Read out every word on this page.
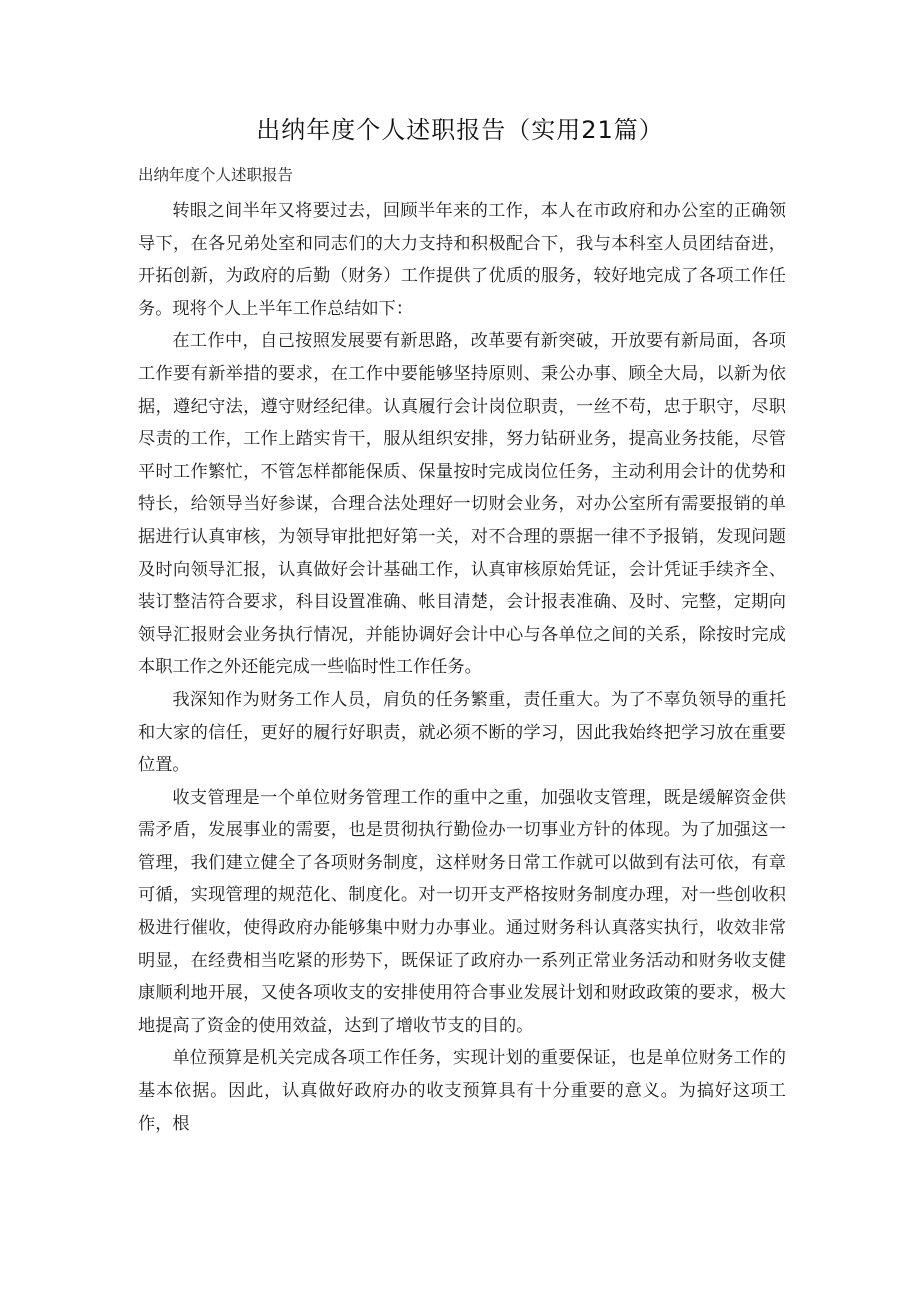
出纳年度个人述职报告（实用21篇）
出纳年度个人述职报告

转眼之间半年又将要过去，回顾半年来的工作，本人在市政府和办公室的正确领导下，在各兄弟处室和同志们的大力支持和积极配合下，我与本科室人员团结奋进，开拓创新，为政府的后勤（财务）工作提供了优质的服务，较好地完成了各项工作任务。现将个人上半年工作总结如下：

在工作中，自己按照发展要有新思路，改革要有新突破，开放要有新局面，各项工作要有新举措的要求，在工作中要能够坚持原则、秉公办事、顾全大局，以新为依据，遵纪守法，遵守财经纪律。认真履行会计岗位职责，一丝不苟，忠于职守，尽职尽责的工作，工作上踏实肯干，服从组织安排，努力钻研业务，提高业务技能，尽管平时工作繁忙，不管怎样都能保质、保量按时完成岗位任务，主动利用会计的优势和特长，给领导当好参谋，合理合法处理好一切财会业务，对办公室所有需要报销的单据进行认真审核，为领导审批把好第一关，对不合理的票据一律不予报销，发现问题及时向领导汇报，认真做好会计基础工作，认真审核原始凭证，会计凭证手续齐全、装订整洁符合要求，科目设置准确、帐目清楚，会计报表准确、及时、完整，定期向领导汇报财会业务执行情况，并能协调好会计中心与各单位之间的关系，除按时完成本职工作之外还能完成一些临时性工作任务。

我深知作为财务工作人员，肩负的任务繁重，责任重大。为了不辜负领导的重托和大家的信任，更好的履行好职责，就必须不断的学习，因此我始终把学习放在重要位置。

收支管理是一个单位财务管理工作的重中之重，加强收支管理，既是缓解资金供需矛盾，发展事业的需要，也是贯彻执行勤俭办一切事业方针的体现。为了加强这一管理，我们建立健全了各项财务制度，这样财务日常工作就可以做到有法可依，有章可循，实现管理的规范化、制度化。对一切开支严格按财务制度办理，对一些创收积极进行催收，使得政府办能够集中财力办事业。通过财务科认真落实执行，收效非常明显，在经费相当吃紧的形势下，既保证了政府办一系列正常业务活动和财务收支健康顺利地开展，又使各项收支的安排使用符合事业发展计划和财政政策的要求，极大地提高了资金的使用效益，达到了增收节支的目的。

单位预算是机关完成各项工作任务，实现计划的重要保证，也是单位财务工作的基本依据。因此，认真做好政府办的收支预算具有十分重要的意义。为搞好这项工作，根
